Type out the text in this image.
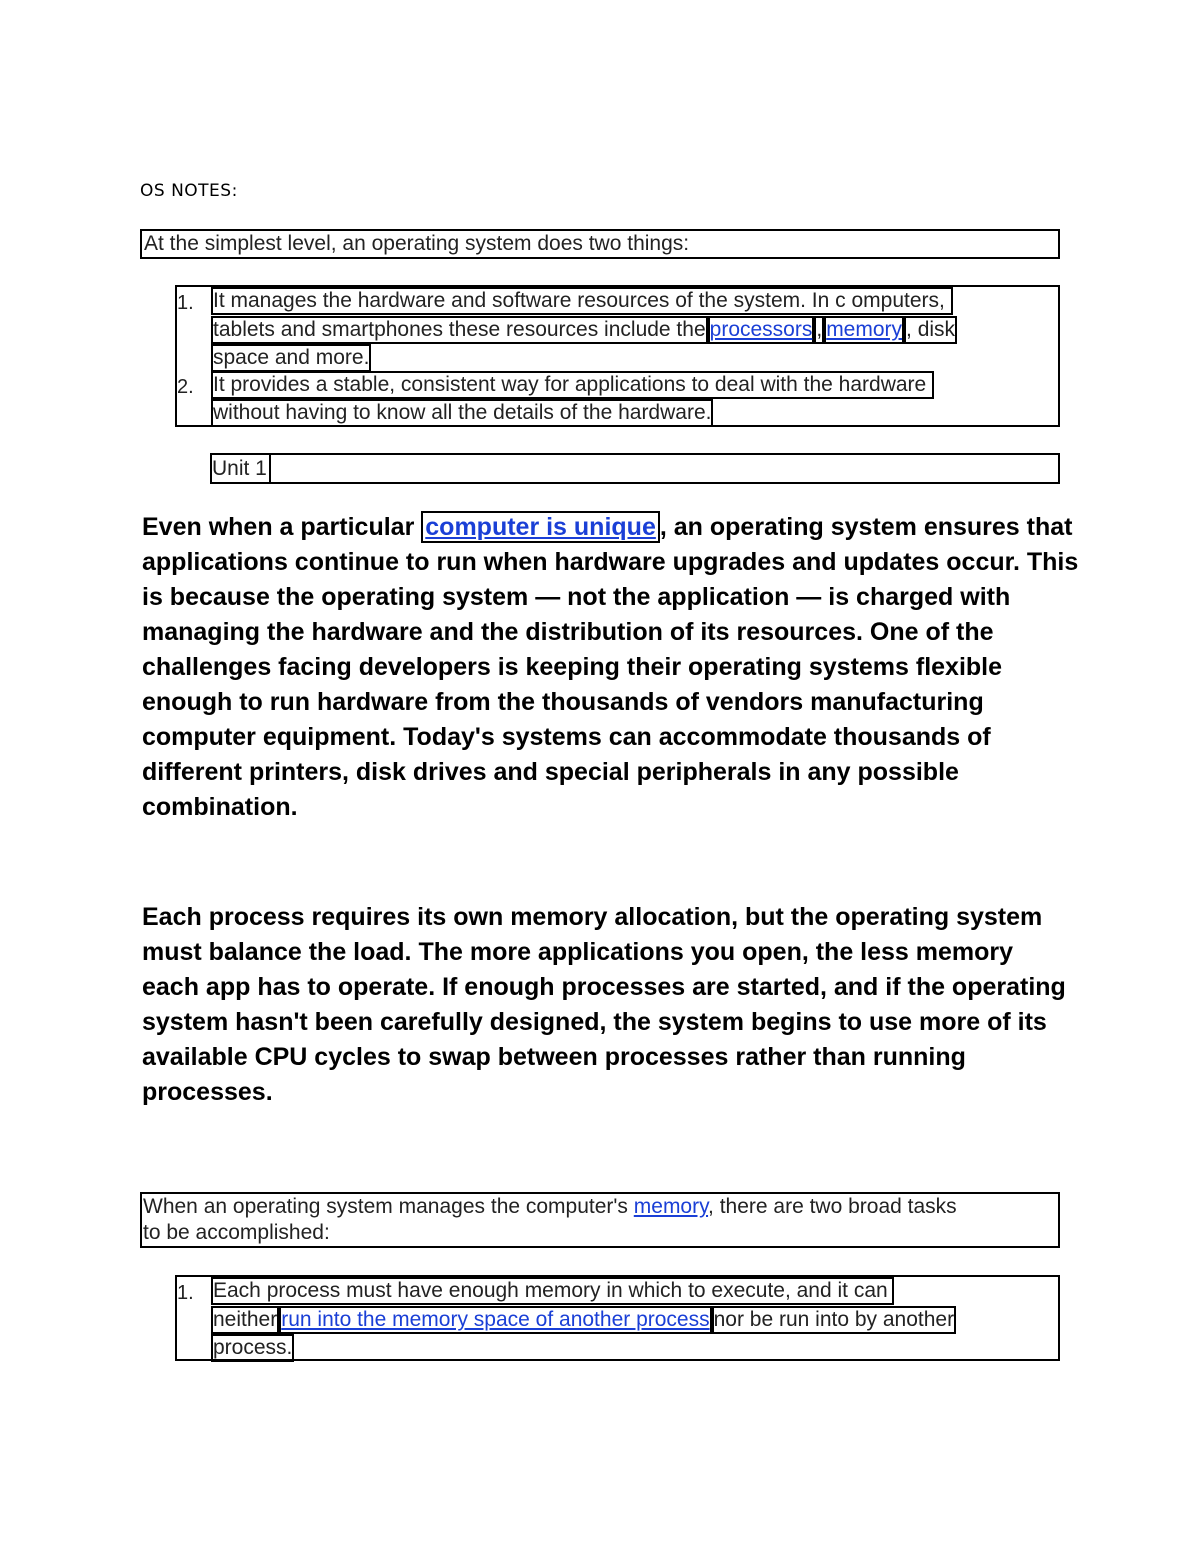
OS NOTES:
At the simplest level, an operating system does two things:
1. It manages the hardware and software resources of the system. In c omputers,
tablets and smartphones these resources include theprocessors , memory , disk
space and more.
2. It provides a stable, consistent way for applications to deal with the hardware
without having to know all the details of the hardware.
Unit 1
Even when a particular computer is unique , an operating system ensures that
applications continue to run when hardware upgrades and updates occur. This
is because the operating system — not the application — is charged with
managing the hardware and the distribution of its resources. One of the
challenges facing developers is keeping their operating systems flexible
enough to run hardware from the thousands of vendors manufacturing
computer equipment. Today's systems can accommodate thousands of
different printers, disk drives and special peripherals in any possible
combination.
Each process requires its own memory allocation, but the operating system
must balance the load. The more applications you open, the less memory
each app has to operate. If enough processes are started, and if the operating
system hasn't been carefully designed, the system begins to use more of its
available CPU cycles to swap between processes rather than running
processes.
When an operating system manages the computer's memory, there are two broad tasks
to be accomplished:
1. Each process must have enough memory in which to execute, and it can
neitherrun into the memory space of another processnor be run into by another
process.
